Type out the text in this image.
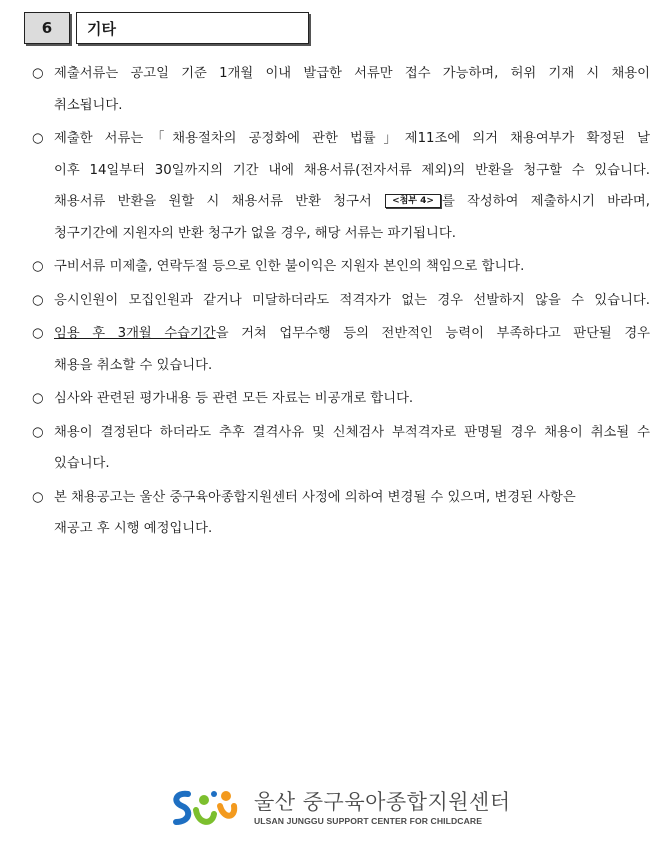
6	기타
○ 제출서류는 공고일 기준 1개월 이내 발급한 서류만 접수 가능하며, 허위 기재 시 채용이
취소됩니다.
○ 제출한 서류는「채용절차의 공정화에 관한 법률」제11조에 의거 채용여부가 확정된 날
이후 14일부터 30일까지의 기간 내에 채용서류(전자서류 제외)의 반환을 청구할 수 있습니다.
채용서류 반환을 원할 시 채용서류 반환 청구서 <첨부 4> 를 작성하여 제출하시기 바라며,
청구기간에 지원자의 반환 청구가 없을 경우, 해당 서류는 파기됩니다.
○ 구비서류 미제출, 연락두절 등으로 인한 불이익은 지원자 본인의 책임으로 합니다.
○ 응시인원이 모집인원과 같거나 미달하더라도 적격자가 없는 경우 선발하지 않을 수 있습니다.
○ 임용 후 3개월 수습기간을 거쳐 업무수행 등의 전반적인 능력이 부족하다고 판단될 경우
채용을 취소할 수 있습니다.
○ 심사와 관련된 평가내용 등 관련 모든 자료는 비공개로 합니다.
○ 채용이 결정된다 하더라도 추후 결격사유 및 신체검사 부적격자로 판명될 경우 채용이 취소될 수
있습니다.
○ 본 채용공고는 울산 중구육아종합지원센터 사정에 의하여 변경될 수 있으며, 변경된 사항은
재공고 후 시행 예정입니다.
울산 중구육아종합지원센터
ULSAN JUNGGU SUPPORT CENTER FOR CHILDCARE
